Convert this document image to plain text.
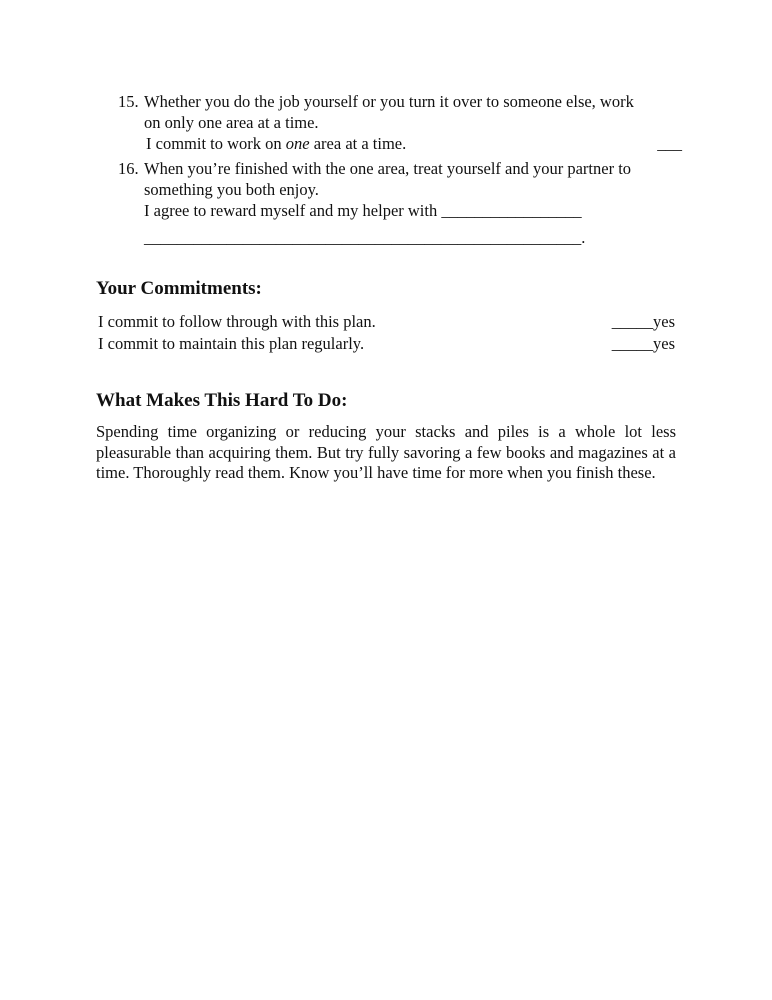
15. Whether you do the job yourself or you turn it over to someone else, work
on only one area at a time.
I commit to work on one area at a time.	___
16. When you’re finished with the one area, treat yourself and your partner to
something you both enjoy.
I agree to reward myself and my helper with _________________
_____________________________________________________.
Your Commitments:
I commit to follow through with this plan.	_____yes
I commit to maintain this plan regularly.	_____yes
What Makes This Hard To Do:

Spending time organizing or reducing your stacks and piles is a whole lot less pleasurable than acquiring them. But try fully savoring a few books and magazines at a time. Thoroughly read them. Know you’ll have time for more when you finish these.
